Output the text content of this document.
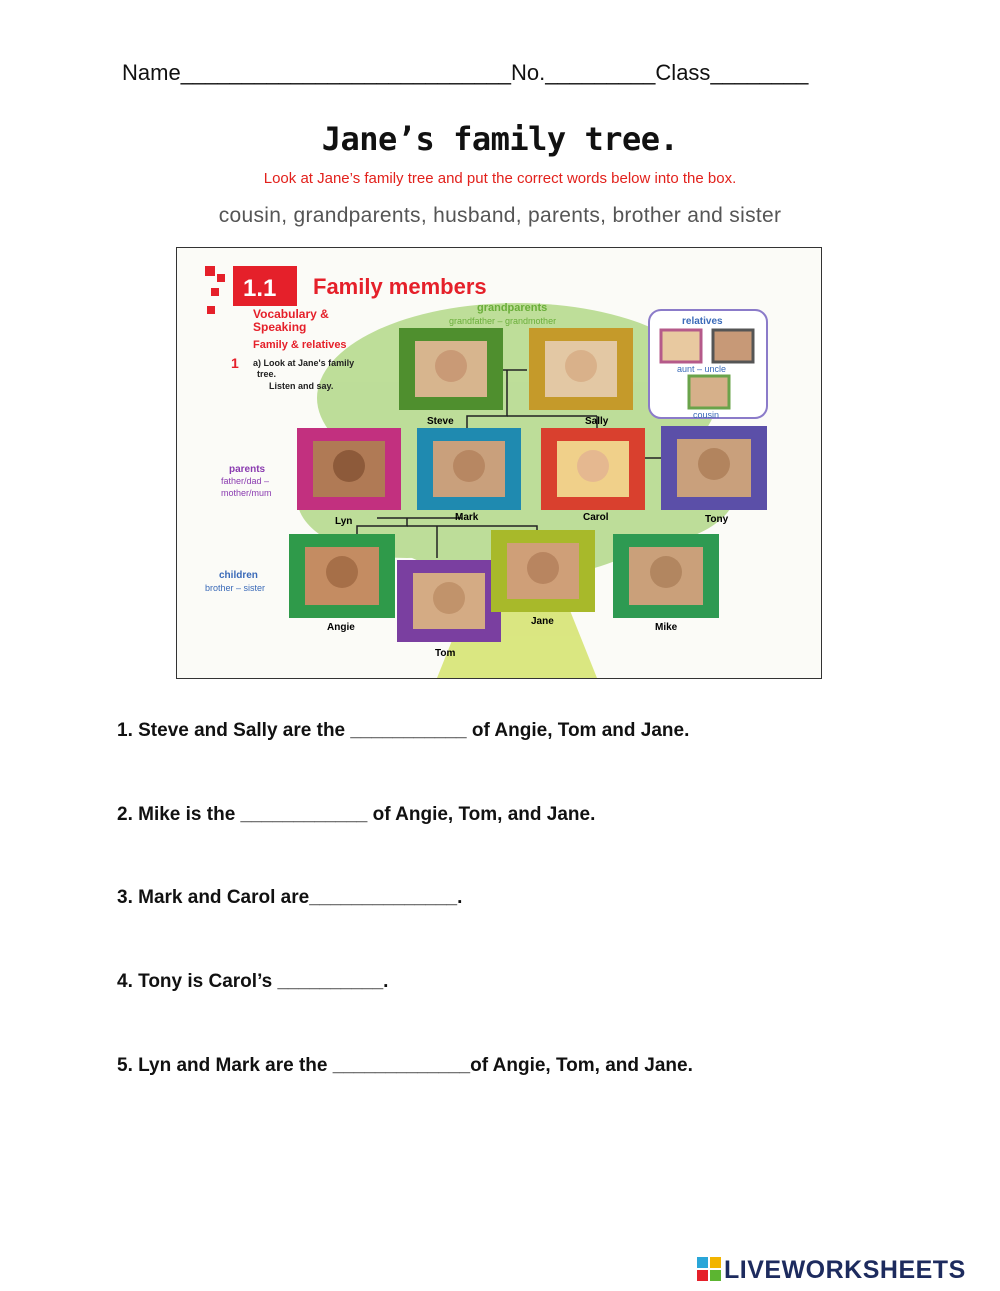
Name___________________________No._________Class________
Jane’s family tree.
Look at Jane’s family tree and put the correct words below into the box.
cousin, grandparents, husband, parents, brother and sister
1.1 Family members
Vocabulary &
Speaking
Family & relatives
1 a) Look at Jane's family
tree.
Listen and say.
grandparents
grandfather – grandmother	relatives
aunt – uncle
cousin
parents
father/dad –
mother/mum
children
brother – sister
Steve	Sally
Lyn	Mark	Carol	Tony
Angie
Tom
Jane
Mike
1. Steve and Sally are the ___________ of Angie, Tom and Jane.
2. Mike is the ____________ of Angie, Tom, and Jane.
3. Mark and Carol are______________.
4. Tony is Carol’s __________.
5. Lyn and Mark are the _____________of Angie, Tom, and Jane.
LIVEWORKSHEETS
